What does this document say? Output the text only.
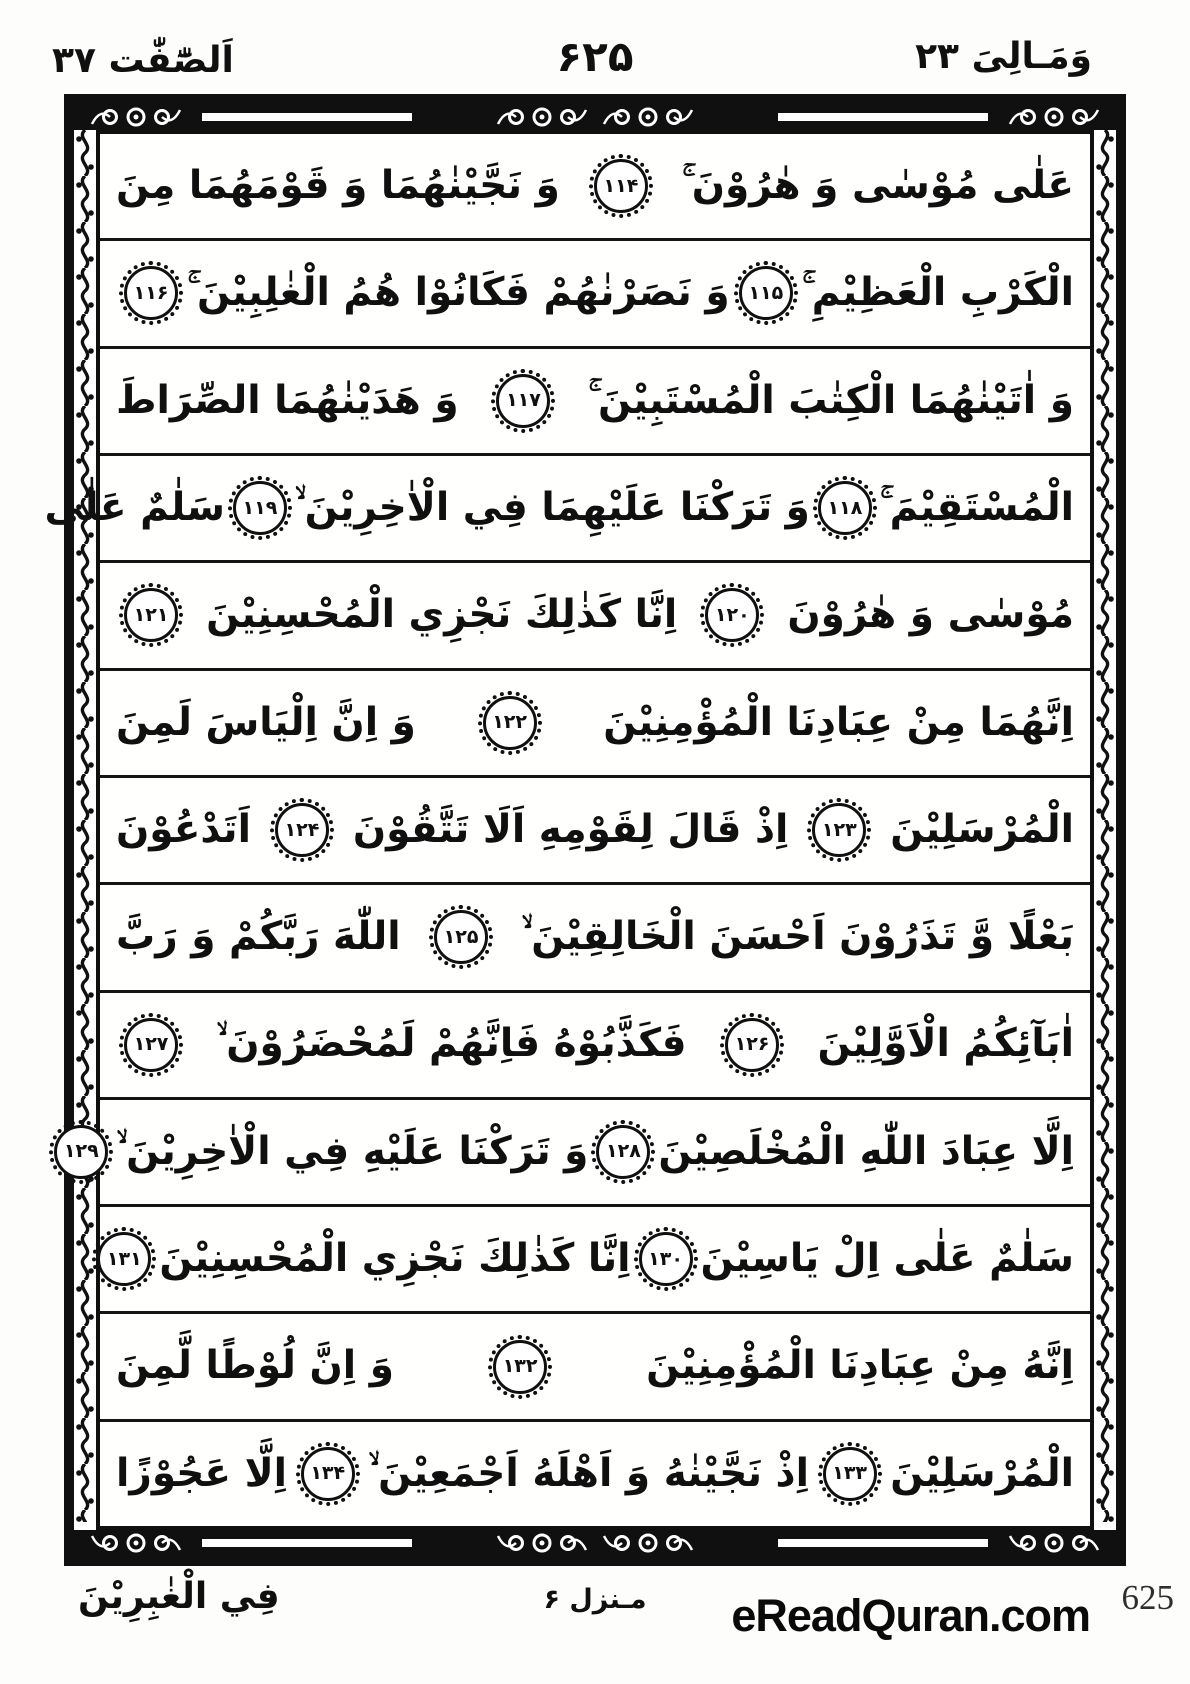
وَمَـالِىَ ۲۳
۶۲۵
اَلصّٰٓفّٰت ۳۷
عَلٰى مُوْسٰى وَ هٰرُوْنَ ۚ
۱۱۴
وَ نَجَّيْنٰهُمَا وَ قَوْمَهُمَا مِنَ
الْكَرْبِ الْعَظِيْمِ ۚ
۱۱۵
وَ نَصَرْنٰهُمْ فَكَانُوْا هُمُ الْغٰلِبِيْنَ ۚ
۱۱۶
وَ اٰتَيْنٰهُمَا الْكِتٰبَ الْمُسْتَبِيْنَ ۚ
۱۱۷
وَ هَدَيْنٰهُمَا الصِّرَاطَ
الْمُسْتَقِيْمَ ۚ
۱۱۸
وَ تَرَكْنَا عَلَيْهِمَا فِي الْاٰخِرِيْنَ ۙ
۱۱۹
سَلٰمٌ عَلٰى
مُوْسٰى وَ هٰرُوْنَ
۱۲۰
اِنَّا كَذٰلِكَ نَجْزِي الْمُحْسِنِيْنَ
۱۲۱
اِنَّهُمَا مِنْ عِبَادِنَا الْمُؤْمِنِيْنَ
۱۲۲
وَ اِنَّ اِلْيَاسَ لَمِنَ
الْمُرْسَلِيْنَ
۱۲۳
اِذْ قَالَ لِقَوْمِهِ اَلَا تَتَّقُوْنَ
۱۲۴
اَتَدْعُوْنَ
بَعْلًا وَّ تَذَرُوْنَ اَحْسَنَ الْخَالِقِيْنَ ۙ
۱۲۵
اللّٰهَ رَبَّكُمْ وَ رَبَّ
اٰبَآئِكُمُ الْاَوَّلِيْنَ
۱۲۶
فَكَذَّبُوْهُ فَاِنَّهُمْ لَمُحْضَرُوْنَ ۙ
۱۲۷
اِلَّا عِبَادَ اللّٰهِ الْمُخْلَصِيْنَ
۱۲۸
وَ تَرَكْنَا عَلَيْهِ فِي الْاٰخِرِيْنَ ۙ
۱۲۹
سَلٰمٌ عَلٰى اِلْ يَاسِيْنَ
۱۳۰
اِنَّا كَذٰلِكَ نَجْزِي الْمُحْسِنِيْنَ
۱۳۱
اِنَّهُ مِنْ عِبَادِنَا الْمُؤْمِنِيْنَ
۱۳۲
وَ اِنَّ لُوْطًا لَّمِنَ
الْمُرْسَلِيْنَ
۱۳۳
اِذْ نَجَّيْنٰهُ وَ اَهْلَهُ اَجْمَعِيْنَ ۙ
۱۳۴
اِلَّا عَجُوْزًا
فِي الْغٰبِرِيْنَ	مـنزل ۶ eReadQuran.com 625
